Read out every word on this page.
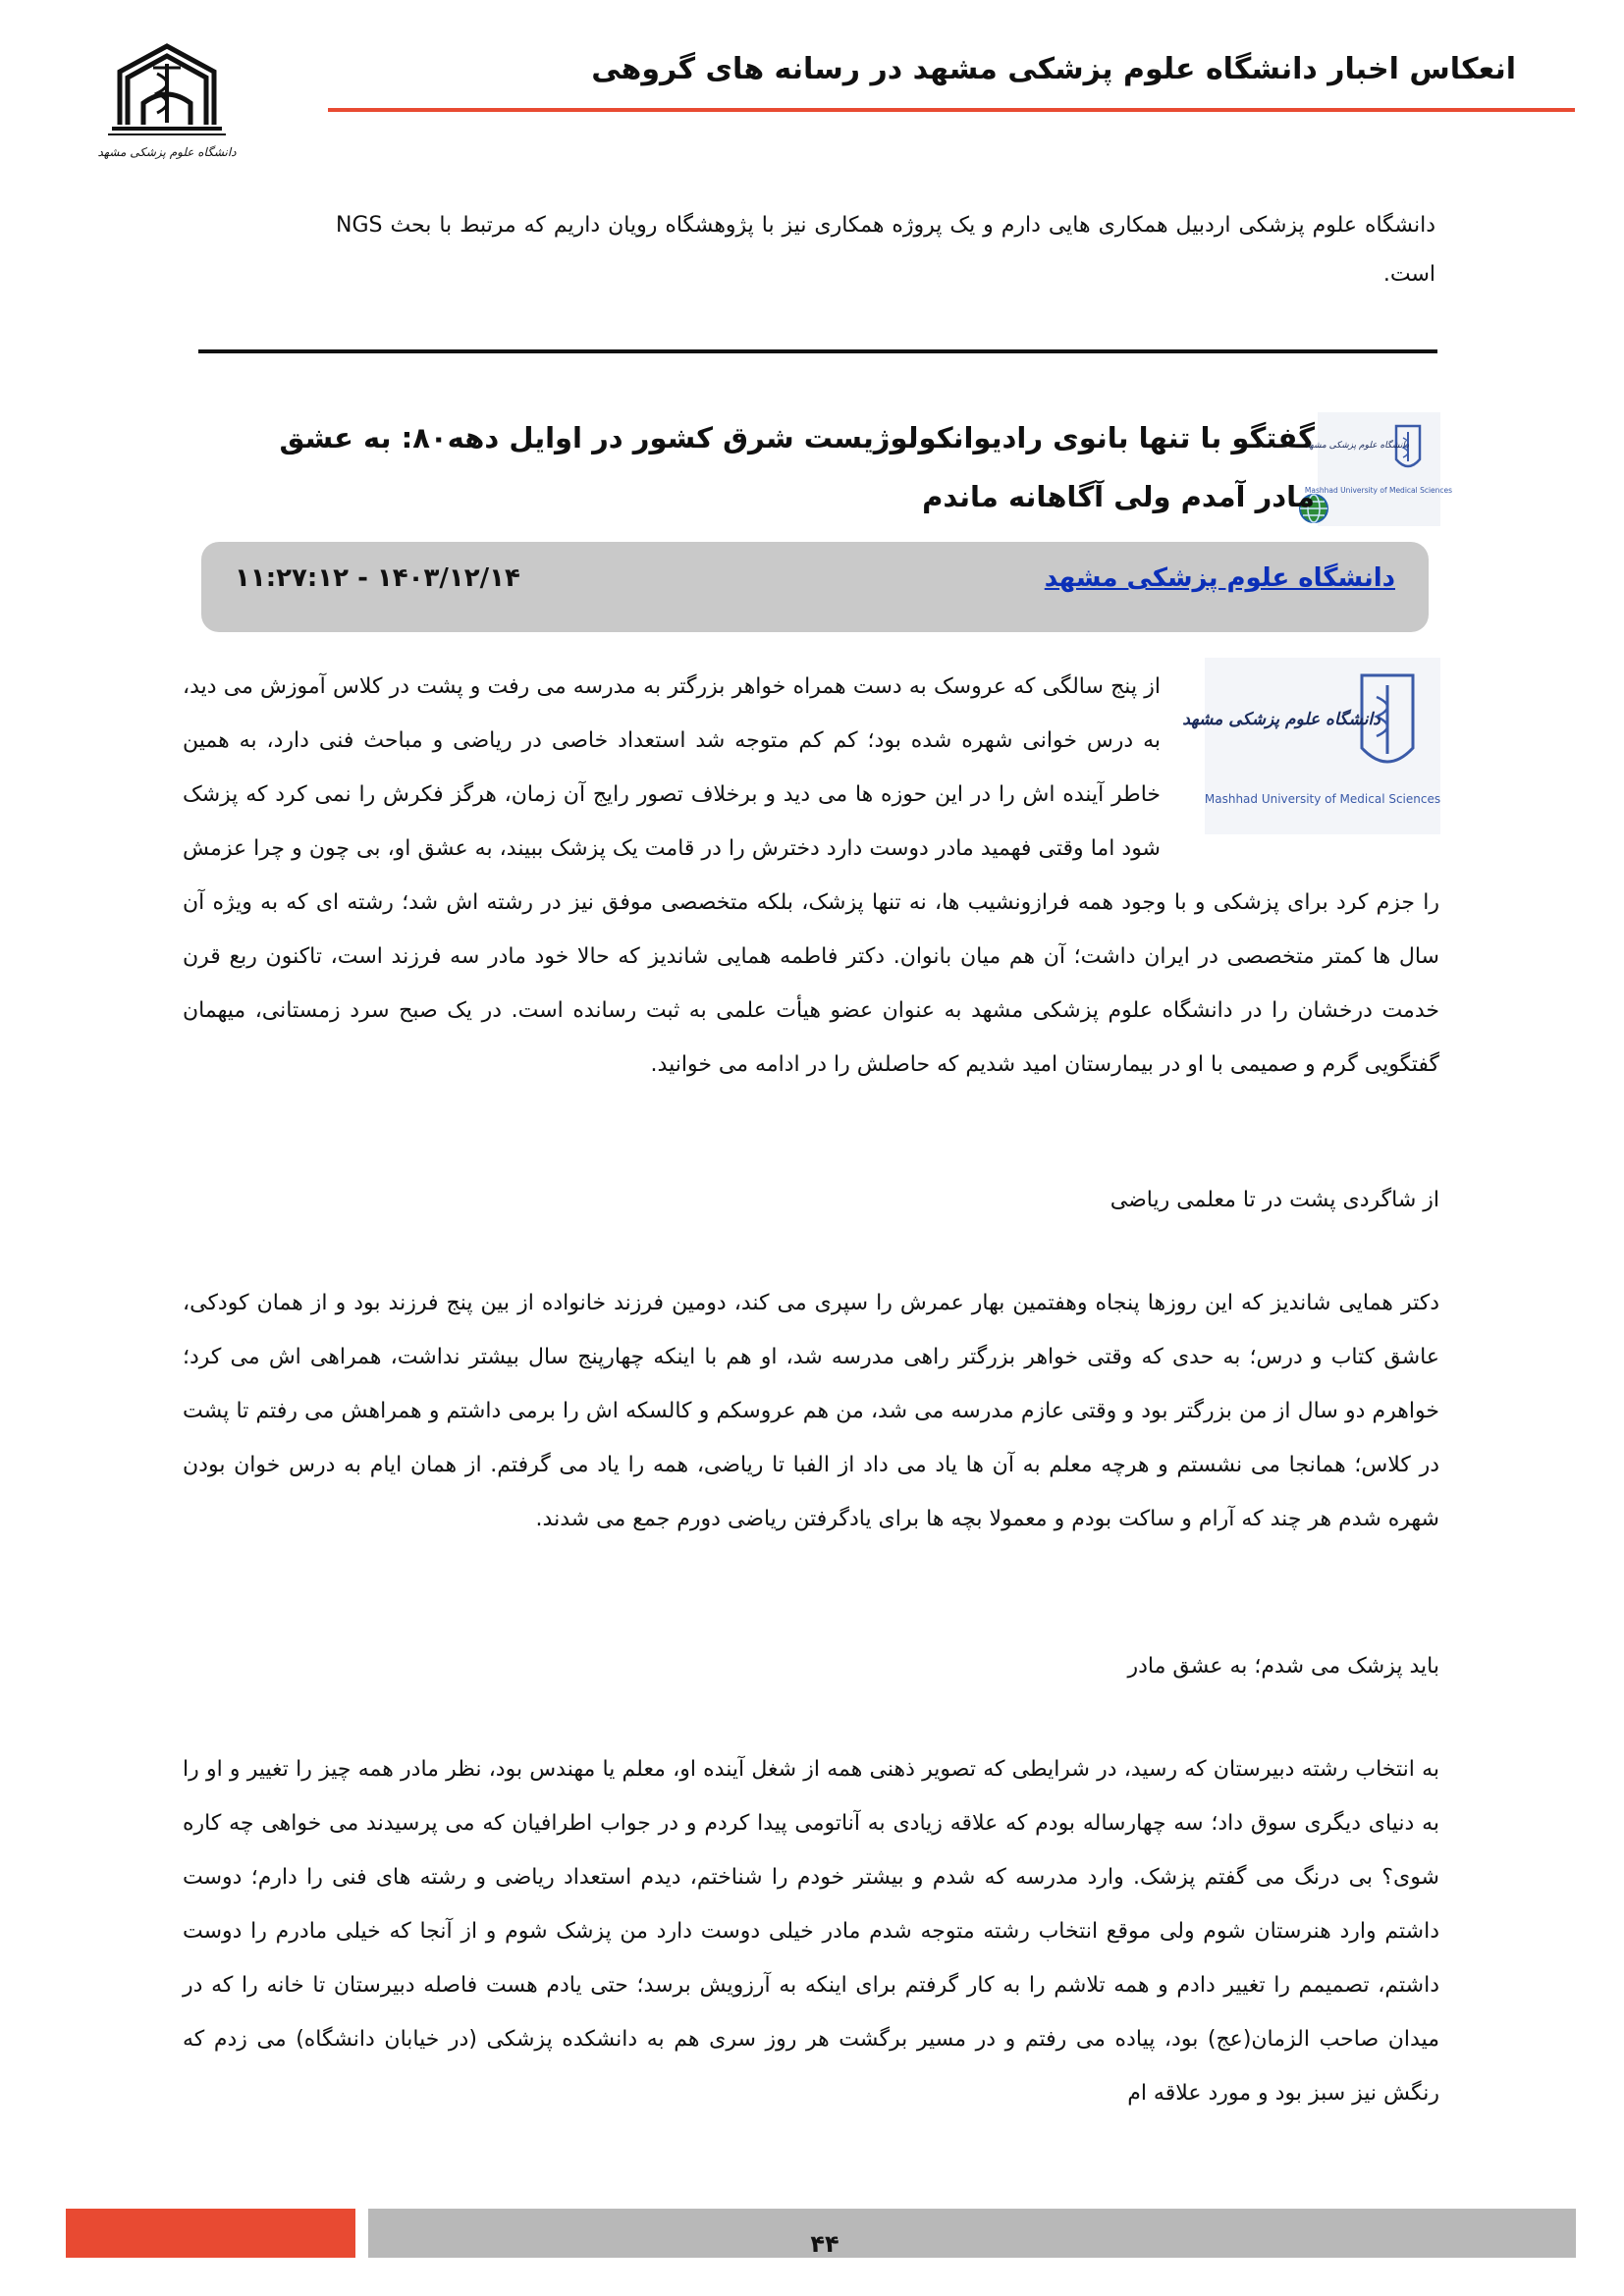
انعکاس اخبار دانشگاه علوم پزشکی مشهد در رسانه های گروهی
دانشگاه علوم پزشکی مشهد

دانشگاه علوم پزشکی اردبیل همکاری هایی دارم و یک پروژه همکاری نیز با پژوهشگاه رویان داریم که مرتبط با بحث NGS است.

دانشگاه علوم پزشکی مشهد
Mashhad University of Medical Sciences

گفتگو با تنها بانوی رادیوانکولوژیست شرق کشور در اوایل دهه۸۰: به عشق مادر آمدم ولی آگاهانه ماندم

دانشگاه علوم پزشکی مشهد
۱۴۰۳/۱۲/۱۴ - ۱۱:۲۷:۱۲
دانشگاه علوم پزشکی مشهد
Mashhad University of Medical Sciences

از پنج سالگی که عروسک به دست همراه خواهر بزرگتر به مدرسه می رفت و پشت در کلاس آموزش می دید، به درس خوانی شهره شده بود؛ کم کم متوجه شد استعداد خاصی در ریاضی و مباحث فنی دارد، به همین خاطر آینده اش را در این حوزه ها می دید و برخلاف تصور رایج آن زمان، هرگز فکرش را نمی کرد که پزشک شود اما وقتی فهمید مادر دوست دارد دخترش را در قامت یک پزشک ببیند، به عشق او، بی چون و چرا عزمش را جزم کرد برای پزشکی و با وجود همه فرازونشیب ها، نه تنها پزشک، بلکه متخصصی موفق نیز در رشته اش شد؛ رشته ای که به ویژه آن سال ها کمتر متخصصی در ایران داشت؛ آن هم میان بانوان. دکتر فاطمه همایی شاندیز که حالا خود مادر سه فرزند است، تاکنون ربع قرن خدمت درخشان را در دانشگاه علوم پزشکی مشهد به عنوان عضو هیأت علمی به ثبت رسانده است. در یک صبح سرد زمستانی، میهمان گفتگویی گرم و صمیمی با او در بیمارستان امید شدیم که حاصلش را در ادامه می خوانید.

از شاگردی پشت در تا معلمی ریاضی

دکتر همایی شاندیز که این روزها پنجاه وهفتمین بهار عمرش را سپری می کند، دومین فرزند خانواده از بین پنج فرزند بود و از همان کودکی، عاشق کتاب و درس؛ به حدی که وقتی خواهر بزرگتر راهی مدرسه شد، او هم با اینکه چهارپنج سال بیشتر نداشت، همراهی اش می کرد؛ خواهرم دو سال از من بزرگتر بود و وقتی عازم مدرسه می شد، من هم عروسکم و کالسکه اش را برمی داشتم و همراهش می رفتم تا پشت در کلاس؛ همانجا می نشستم و هرچه معلم به آن ها یاد می داد از الفبا تا ریاضی، همه را یاد می گرفتم. از همان ایام به درس خوان بودن شهره شدم هر چند که آرام و ساکت بودم و معمولا بچه ها برای یادگرفتن ریاضی دورم جمع می شدند.

باید پزشک می شدم؛ به عشق مادر

به انتخاب رشته دبیرستان که رسید، در شرایطی که تصویر ذهنی همه از شغل آینده او، معلم یا مهندس بود، نظر مادر همه چیز را تغییر و او را به دنیای دیگری سوق داد؛ سه چهارساله بودم که علاقه زیادی به آناتومی پیدا کردم و در جواب اطرافیان که می پرسیدند می خواهی چه کاره شوی؟ بی درنگ می گفتم پزشک. وارد مدرسه که شدم و بیشتر خودم را شناختم، دیدم استعداد ریاضی و رشته های فنی را دارم؛ دوست داشتم وارد هنرستان شوم ولی موقع انتخاب رشته متوجه شدم مادر خیلی دوست دارد من پزشک شوم و از آنجا که خیلی مادرم را دوست داشتم، تصمیمم را تغییر دادم و همه تلاشم را به کار گرفتم برای اینکه به آرزویش برسد؛ حتی یادم هست فاصله دبیرستان تا خانه را که در میدان صاحب الزمان(عج) بود، پیاده می رفتم و در مسیر برگشت هر روز سری هم به دانشکده پزشکی (در خیابان دانشگاه) می زدم که رنگش نیز سبز بود و مورد علاقه ام

۴۴
